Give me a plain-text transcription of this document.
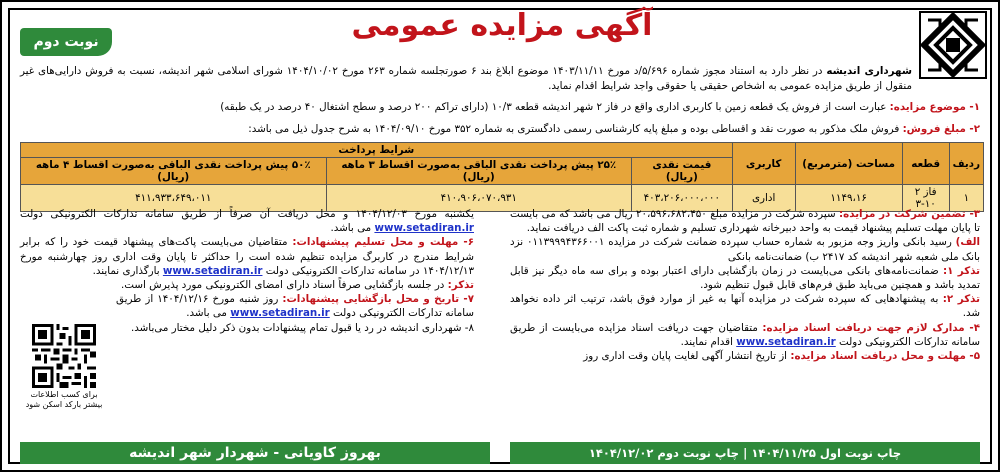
آگهی مزایده عمومی
نوبت دوم
شهرداری اندیشه در نظر دارد به استناد مجوز شماره ۵/۶۹۶/د مورخ ۱۴۰۳/۱۱/۱۱ موضوع ابلاغ بند ۶ صورتجلسه شماره ۲۶۳ مورخ ۱۴۰۴/۱۰/۰۲ شورای اسلامی شهر اندیشه، نسبت به فروش دارایی‌های غیر منقول از طریق مزایده عمومی به اشخاص حقیقی یا حقوقی واجد شرایط اقدام نماید.
۱- موضوع مزایده: عبارت است از فروش یک قطعه زمین با کاربری اداری واقع در فاز ۲ شهر اندیشه قطعه ۱۰/۳ (دارای تراکم ۲۰۰ درصد و سطح اشتغال ۴۰ درصد در یک طبقه)
۲- مبلغ فروش: فروش ملک مذکور به صورت نقد و اقساطی بوده و مبلغ پایه کارشناسی رسمی دادگستری به شماره ۳۵۲ مورخ ۱۴۰۴/۰۹/۱۰ به شرح جدول ذیل می باشد:
ردیف	قطعه	مساحت (مترمربع)	کاربری	شرایط پرداخت		
				قیمت نقدی (ریال)	۲۵٪ پیش پرداخت نقدی الباقی به‌صورت اقساط ۳ ماهه (ریال)	۵۰٪ پیش پرداخت نقدی الباقی به‌صورت اقساط ۴ ماهه (ریال)
۱	فاز ۲ ۱۰-۳	۱۱۴۹،۱۶	اداری	۴۰۳،۲۰۶،۰۰۰،۰۰۰	۴۱۰،۹۰۶،۰۷۰،۹۳۱	۴۱۱،۹۳۳،۶۴۹،۰۱۱
۳- تضمین شرکت در مزایده: سپرده شرکت در مزایده مبلغ ۲۰،۵۹۶،۶۸۲،۴۵۰ ریال می باشد که می بایست تا پایان مهلت تسلیم پیشنهاد قیمت به واحد دبیرخانه شهرداری تسلیم و شماره ثبت پاکت الف دریافت نماید.
الف) رسید بانکی واریز وجه مزبور به شماره حساب سپرده ضمانت شرکت در مزایده ۰۱۱۳۹۹۹۴۳۶۶۰۰۱ نزد بانک ملی شعبه شهر اندیشه کد ۲۴۱۷ ب) ضمانت‌نامه بانکی
تذکر ۱: ضمانت‌نامه‌های بانکی می‌بایست در زمان بازگشایی دارای اعتبار بوده و برای سه ماه دیگر نیز قابل تمدید باشد و همچنین می‌باید طبق فرم‌های قابل قبول تنظیم شود.
تذکر ۲: به پیشنهادهایی که سپرده شرکت در مزایده آنها به غیر از موارد فوق باشد، ترتیب اثر داده نخواهد شد.
۴- مدارک لازم جهت دریافت اسناد مزایده: متقاضیان جهت دریافت اسناد مزایده می‌بایست از طریق سامانه تدارکات الکترونیکی دولت www.setadiran.ir اقدام نمایند.
۵- مهلت و محل دریافت اسناد مزایده: از تاریخ انتشار آگهی لغایت پایان وقت اداری روز
یکشنبه مورخ ۱۴۰۴/۱۲/۰۳ و محل دریافت آن صرفاً از طریق سامانه تدارکات الکترونیکی دولت www.setadiran.ir می باشد.
۶- مهلت و محل تسلیم پیشنهادات: متقاضیان می‌بایست پاکت‌های پیشنهاد قیمت خود را که برابر شرایط مندرج در کاربرگ مزایده تنظیم شده است را حداکثر تا پایان وقت اداری روز چهارشنبه مورخ ۱۴۰۴/۱۲/۱۳ در سامانه تدارکات الکترونیکی دولت www.setadiran.ir بارگذاری نمایند.
تذکر: در جلسه بازگشایی صرفاً اسناد دارای امضای الکترونیکی مورد پذیرش است.
۷- تاریخ و محل بازگشایی پیشنهادات: روز شنبه مورخ ۱۴۰۴/۱۲/۱۶ از طریق سامانه تدارکات الکترونیکی دولت www.setadiran.ir می باشد.
۸- شهرداری اندیشه در رد یا قبول تمام پیشنهادات بدون ذکر دلیل مختار می‌باشد.
برای کسب اطلاعات بیشتر بارکد اسکن شود
بهروز کاویانی - شهردار شهر اندیشه	چاپ نوبت اول ۱۴۰۴/۱۱/۲۵ | چاپ نوبت دوم ۱۴۰۴/۱۲/۰۲
